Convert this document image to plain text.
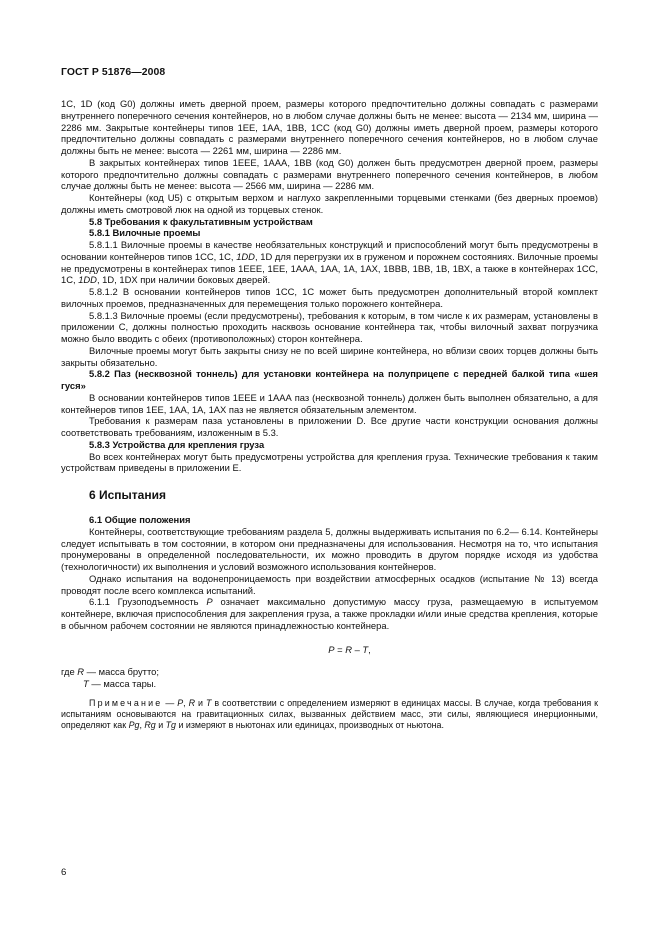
ГОСТ Р 51876—2008

1С, 1D (код G0) должны иметь дверной проем, размеры которого предпочтительно должны совпадать с размерами внутреннего поперечного сечения контейнеров, но в любом случае должны быть не менее: высота — 2134 мм, ширина — 2286 мм. Закрытые контейнеры типов 1ЕЕ, 1АА, 1ВВ, 1СС (код G0) должны иметь дверной проем, размеры которого предпочтительно должны совпадать с размерами внутреннего поперечного сечения контейнеров, но в любом случае должны быть не менее: высота — 2261 мм, ширина — 2286 мм.

В закрытых контейнерах типов 1ЕЕЕ, 1ААА, 1ВВ (код G0) должен быть предусмотрен дверной проем, размеры которого предпочтительно должны совпадать с размерами внутреннего поперечного сечения контейнеров, в любом случае должны быть не менее: высота — 2566 мм, ширина — 2286 мм.

Контейнеры (код U5) с открытым верхом и наглухо закрепленными торцевыми стенками (без дверных проемов) должны иметь смотровой люк на одной из торцевых стенок.

5.8 Требования к факультативным устройствам

5.8.1 Вилочные проемы

5.8.1.1 Вилочные проемы в качестве необязательных конструкций и приспособлений могут быть предусмотрены в основании контейнеров типов 1СС, 1С, 1DD, 1D для перегрузки их в груженом и порожнем состояниях. Вилочные проемы не предусмотрены в контейнерах типов 1ЕЕЕ, 1ЕЕ, 1ААА, 1АА, 1А, 1АХ, 1ВВВ, 1ВВ, 1В, 1ВХ, а также в контейнерах 1СС, 1С, 1DD, 1D, 1DX при наличии боковых дверей.

5.8.1.2 В основании контейнеров типов 1СС, 1С может быть предусмотрен дополнительный второй комплект вилочных проемов, предназначенных для перемещения только порожнего контейнера.

5.8.1.3 Вилочные проемы (если предусмотрены), требования к которым, в том числе к их размерам, установлены в приложении С, должны полностью проходить насквозь основание контейнера так, чтобы вилочный захват погрузчика можно было вводить с обеих (противоположных) сторон контейнера.

Вилочные проемы могут быть закрыты снизу не по всей ширине контейнера, но вблизи своих торцев должны быть закрыты обязательно.

5.8.2 Паз (несквозной тоннель) для установки контейнера на полуприцепе с передней балкой типа «шея гуся»

В основании контейнеров типов 1ЕЕЕ и 1ААА паз (несквозной тоннель) должен быть выполнен обязательно, а для контейнеров типов 1ЕЕ, 1АА, 1А, 1АХ паз не является обязательным элементом.

Требования к размерам паза установлены в приложении D. Все другие части конструкции основания должны соответствовать требованиям, изложенным в 5.3.

5.8.3 Устройства для крепления груза

Во всех контейнерах могут быть предусмотрены устройства для крепления груза. Технические требования к таким устройствам приведены в приложении Е.

6 Испытания

6.1 Общие положения

Контейнеры, соответствующие требованиям раздела 5, должны выдерживать испытания по 6.2— 6.14. Контейнеры следует испытывать в том состоянии, в котором они предназначены для использования. Несмотря на то, что испытания пронумерованы в определенной последовательности, их можно проводить в другом порядке исходя из удобства (технологичности) их выполнения и условий возможного использования контейнеров.

Однако испытания на водонепроницаемость при воздействии атмосферных осадков (испытание № 13) всегда проводят после всего комплекса испытаний.

6.1.1 Грузоподъемность P означает максимально допустимую массу груза, размещаемую в испытуемом контейнере, включая приспособления для закрепления груза, а также прокладки и/или иные средства крепления, которые в обычном рабочем состоянии не являются принадлежностью контейнера.

P = R – T,

где R — масса брутто;

T — масса тары.

Примечание — P, R и T в соответствии с определением измеряют в единицах массы. В случае, когда требования к испытаниям основываются на гравитационных силах, вызванных действием масс, эти силы, являющиеся инерционными, определяют как Pg, Rg и Tg и измеряют в ньютонах или единицах, производных от ньютона.

6
